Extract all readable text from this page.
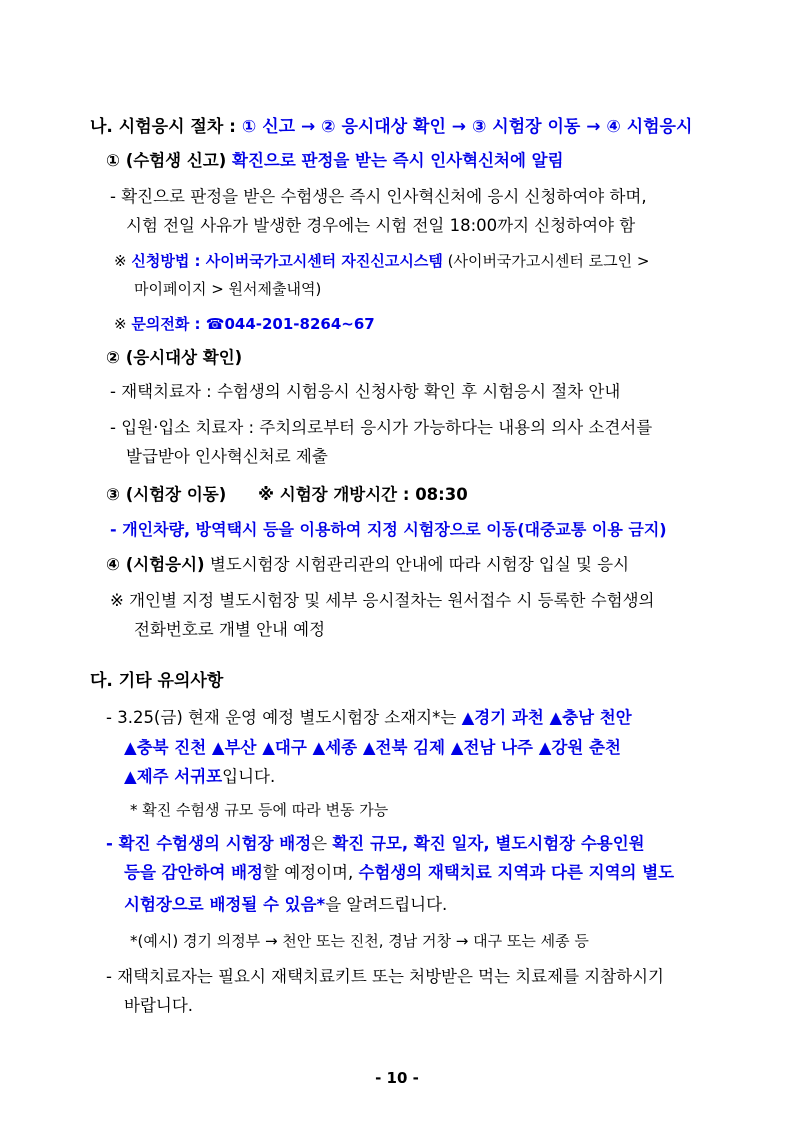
나. 시험응시 절차 : ① 신고 → ② 응시대상 확인 → ③ 시험장 이동 → ④ 시험응시
① (수험생 신고) 확진으로 판정을 받는 즉시 인사혁신처에 알림
- 확진으로 판정을 받은 수험생은 즉시 인사혁신처에 응시 신청하여야 하며,
시험 전일 사유가 발생한 경우에는 시험 전일 18:00까지 신청하여야 함
※ 신청방법 : 사이버국가고시센터 자진신고시스템 (사이버국가고시센터 로그인 >
마이페이지 > 원서제출내역)
※ 문의전화 : ☎044-201-8264~67
② (응시대상 확인)
- 재택치료자 : 수험생의 시험응시 신청사항 확인 후 시험응시 절차 안내
- 입원·입소 치료자 : 주치의로부터 응시가 가능하다는 내용의 의사 소견서를
발급받아 인사혁신처로 제출
③ (시험장 이동) ※ 시험장 개방시간 : 08:30
- 개인차량, 방역택시 등을 이용하여 지정 시험장으로 이동(대중교통 이용 금지)
④ (시험응시) 별도시험장 시험관리관의 안내에 따라 시험장 입실 및 응시
※ 개인별 지정 별도시험장 및 세부 응시절차는 원서접수 시 등록한 수험생의
전화번호로 개별 안내 예정
다. 기타 유의사항
- 3.25(금) 현재 운영 예정 별도시험장 소재지*는 ▲경기 과천 ▲충남 천안
▲충북 진천 ▲부산 ▲대구 ▲세종 ▲전북 김제 ▲전남 나주 ▲강원 춘천
▲제주 서귀포입니다.
* 확진 수험생 규모 등에 따라 변동 가능
- 확진 수험생의 시험장 배정은 확진 규모, 확진 일자, 별도시험장 수용인원
등을 감안하여 배정할 예정이며, 수험생의 재택치료 지역과 다른 지역의 별도
시험장으로 배정될 수 있음*을 알려드립니다.
*(예시) 경기 의정부 → 천안 또는 진천, 경남 거창 → 대구 또는 세종 등
- 재택치료자는 필요시 재택치료키트 또는 처방받은 먹는 치료제를 지참하시기
바랍니다.
- 10 -
